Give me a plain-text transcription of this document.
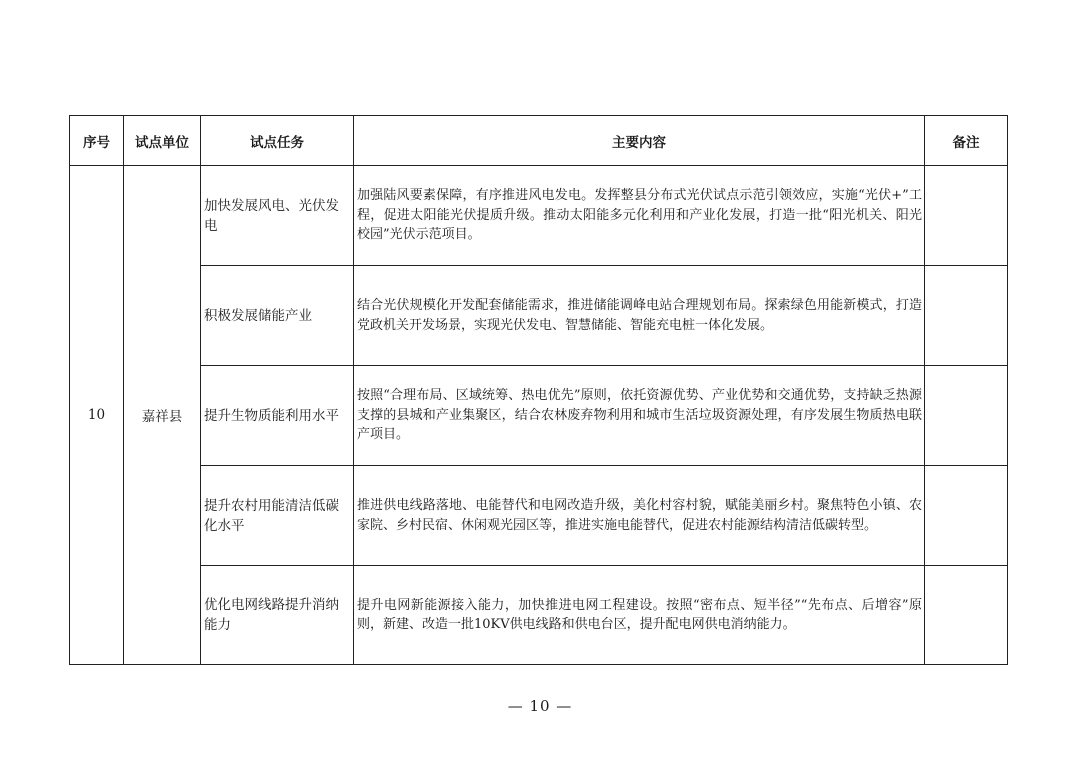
序号	试点单位	试点任务	主要内容	备注
10	嘉祥县	加快发展风电、光伏发电	加强陆风要素保障，有序推进风电发电。发挥整县分布式光伏试点示范引领效应，实施“光伏+”工程，促进太阳能光伏提质升级。推动太阳能多元化利用和产业化发展，打造一批“阳光机关、阳光校园”光伏示范项目。	
		积极发展储能产业	结合光伏规模化开发配套储能需求，推进储能调峰电站合理规划布局。探索绿色用能新模式，打造党政机关开发场景，实现光伏发电、智慧储能、智能充电桩一体化发展。	
		提升生物质能利用水平	按照“合理布局、区域统筹、热电优先”原则，依托资源优势、产业优势和交通优势，支持缺乏热源支撑的县城和产业集聚区，结合农林废弃物利用和城市生活垃圾资源处理，有序发展生物质热电联产项目。	
		提升农村用能清洁低碳化水平	推进供电线路落地、电能替代和电网改造升级，美化村容村貌，赋能美丽乡村。聚焦特色小镇、农家院、乡村民宿、休闲观光园区等，推进实施电能替代，促进农村能源结构清洁低碳转型。	
		优化电网线路提升消纳能力	提升电网新能源接入能力，加快推进电网工程建设。按照“密布点、短半径”“先布点、后增容”原则，新建、改造一批10KV供电线路和供电台区，提升配电网供电消纳能力。	
— 10 —
